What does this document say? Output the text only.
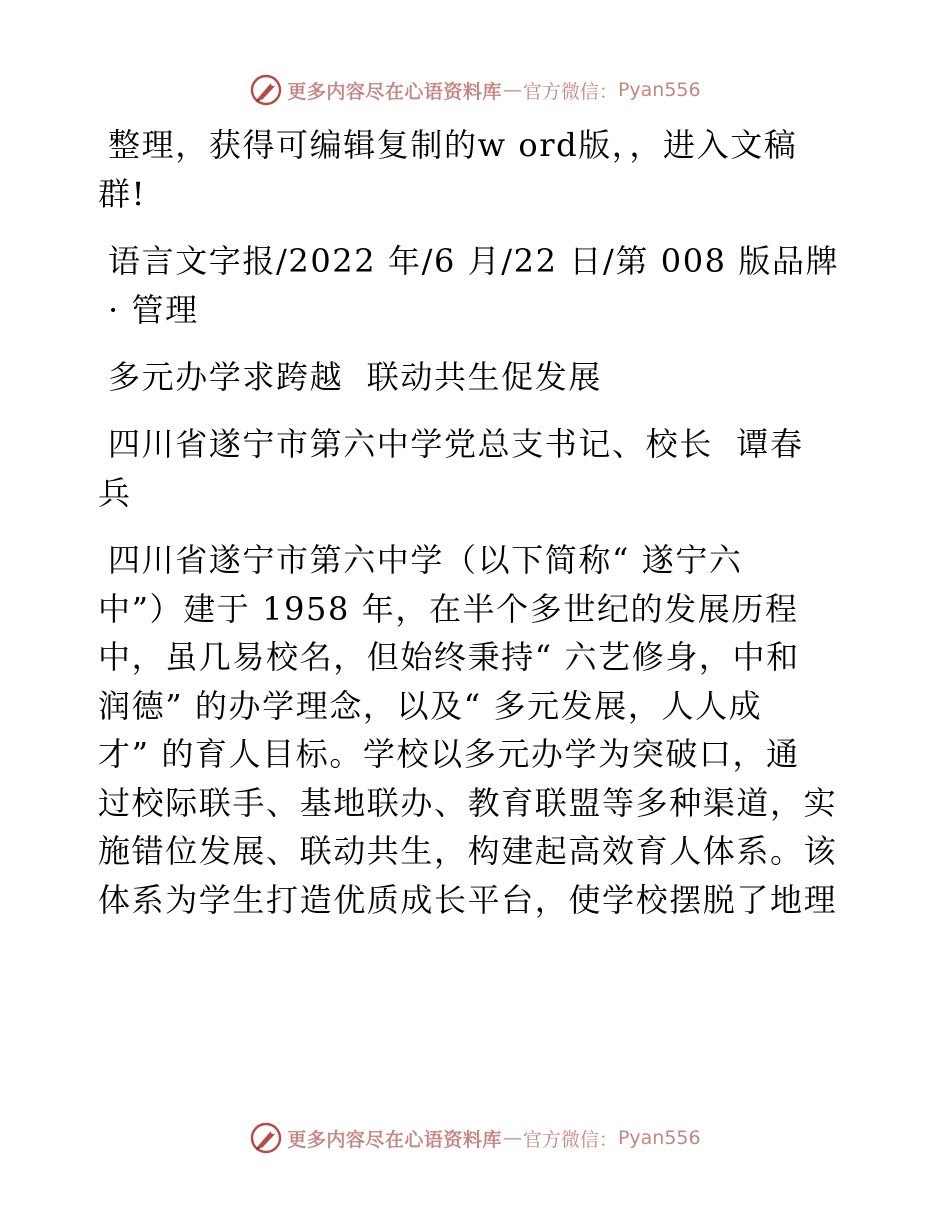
更多内容尽在心语资料库 — 官方微信： Pyan556

整理，获得可编辑复制的w ord版，，进入文稿
群!

语言文字报/2022 年/6 月/22 日/第 008 版品牌
· 管理

多元办学求跨越  联动共生促发展

四川省遂宁市第六中学党总支书记、校长  谭春
兵

四川省遂宁市第六中学（以下简称“ 遂宁六
中”）建于 1958 年，在半个多世纪的发展历程
中，虽几易校名，但始终秉持“ 六艺修身，中和
润德” 的办学理念，以及“ 多元发展，人人成
才” 的育人目标。学校以多元办学为突破口，通
过校际联手、基地联办、教育联盟等多种渠道，实
施错位发展、联动共生，构建起高效育人体系。该
体系为学生打造优质成长平台，使学校摆脱了地理

更多内容尽在心语资料库 — 官方微信： Pyan556
